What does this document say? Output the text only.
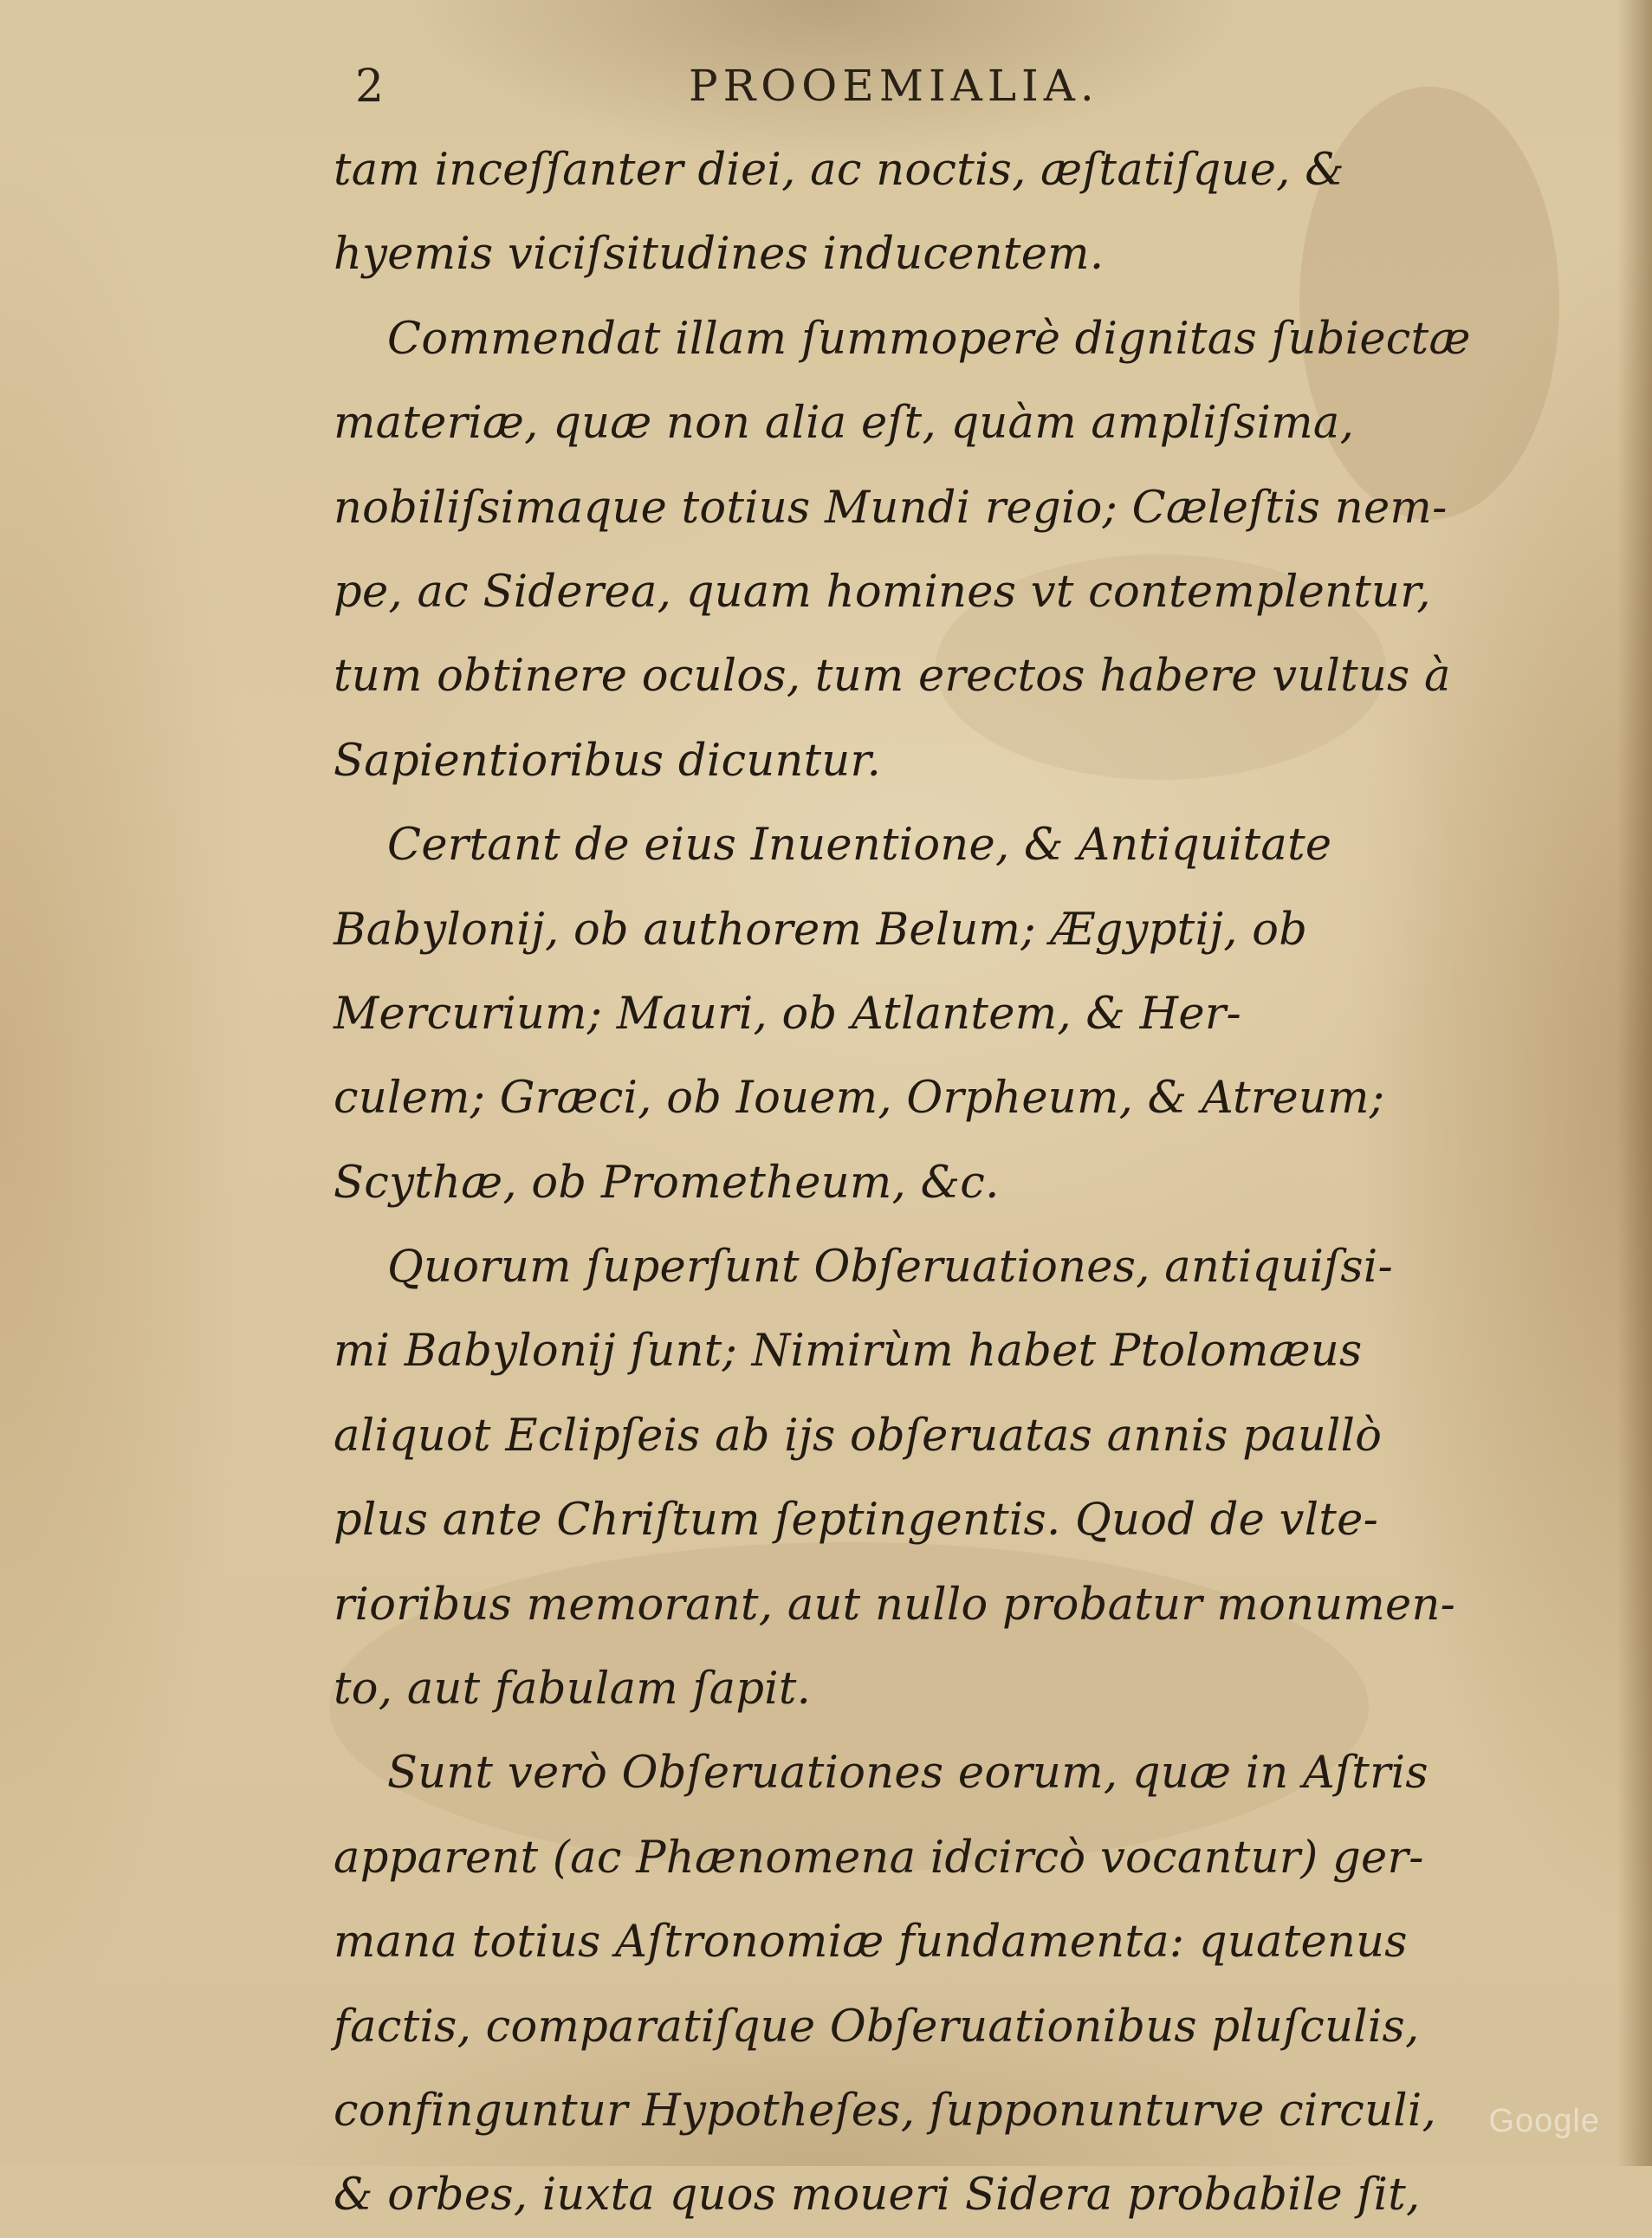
2	PROOEMIALIA.
tam inceſſanter diei, ac noctis, æſtatiſque, &
hyemis viciſsitudines inducentem.
Commendat illam ſummoperè dignitas ſubiectæ
materiæ, quæ non alia eſt, quàm ampliſsima,
nobiliſsimaque totius Mundi regio; Cæleſtis nem-
pe, ac Siderea, quam homines vt contemplentur,
tum obtinere oculos, tum erectos habere vultus à
Sapientioribus dicuntur.
Certant de eius Inuentione, & Antiquitate
Babylonij, ob authorem Belum; Ægyptij, ob
Mercurium; Mauri, ob Atlantem, & Her-
culem; Græci, ob Iouem, Orpheum, & Atreum;
Scythæ, ob Prometheum, &c.
Quorum ſuperſunt Obſeruationes, antiquiſsi-
mi Babylonij ſunt; Nimirùm habet Ptolomæus
aliquot Eclipſeis ab ijs obſeruatas annis paullò
plus ante Chriſtum ſeptingentis. Quod de vlte-
rioribus memorant, aut nullo probatur monumen-
to, aut fabulam ſapit.
Sunt verò Obſeruationes eorum, quæ in Aſtris
apparent (ac Phænomena idcircò vocantur) ger-
mana totius Aſtronomiæ fundamenta: quatenus
factis, comparatiſque Obſeruationibus pluſculis,
confinguntur Hypotheſes, ſupponunturve circuli,
& orbes, iuxta quos moueri Sidera probabile ſit,
Google
